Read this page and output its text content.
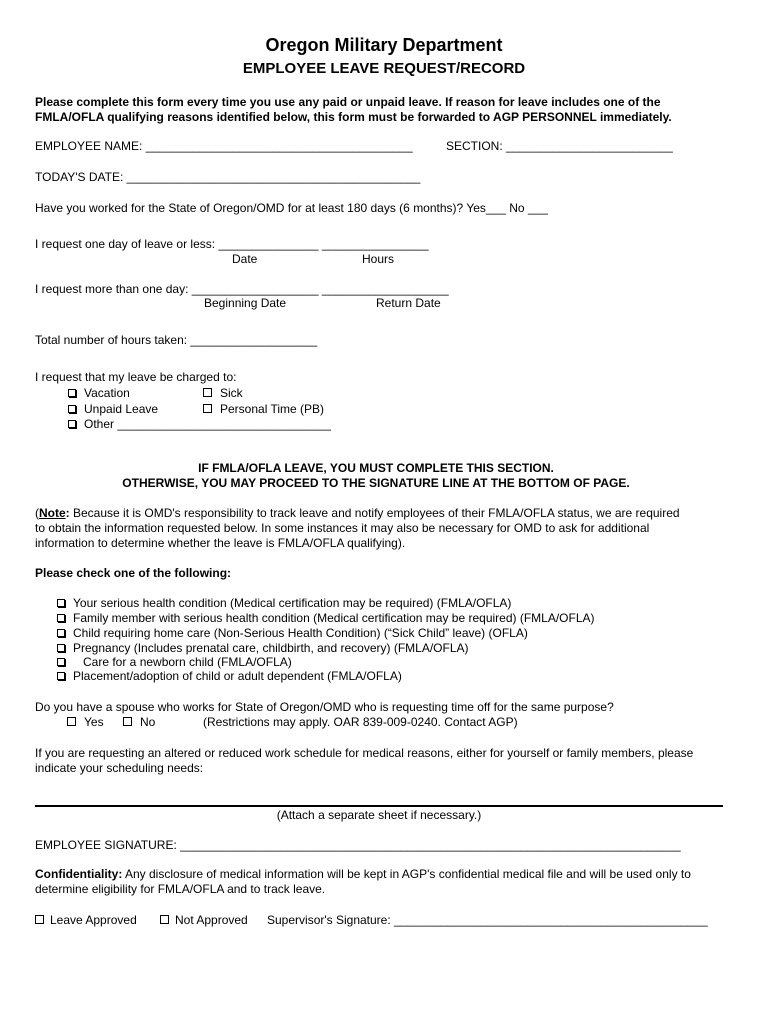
Oregon Military Department
EMPLOYEE LEAVE REQUEST/RECORD
Please complete this form every time you use any paid or unpaid leave. If reason for leave includes one of the
FMLA/OFLA qualifying reasons identified below, this form must be forwarded to AGP PERSONNEL immediately.
EMPLOYEE NAME: ________________________________________	SECTION: _________________________
TODAY'S DATE: ____________________________________________
Have you worked for the State of Oregon/OMD for at least 180 days (6 months)? Yes___ No ___
I request one day of leave or less: _______________ ________________
Date	Hours
I request more than one day: ___________________ ___________________
Beginning Date	Return Date
Total number of hours taken: ___________________
I request that my leave be charged to:
Vacation	Sick
Unpaid Leave	Personal Time (PB)
Other ________________________________
IF FMLA/OFLA LEAVE, YOU MUST COMPLETE THIS SECTION.
OTHERWISE, YOU MAY PROCEED TO THE SIGNATURE LINE AT THE BOTTOM OF PAGE.
(Note: Because it is OMD's responsibility to track leave and notify employees of their FMLA/OFLA status, we are required
to obtain the information requested below. In some instances it may also be necessary for OMD to ask for additional
information to determine whether the leave is FMLA/OFLA qualifying).
Please check one of the following:
Your serious health condition (Medical certification may be required) (FMLA/OFLA)
Family member with serious health condition (Medical certification may be required) (FMLA/OFLA)
Child requiring home care (Non-Serious Health Condition) (“Sick Child” leave) (OFLA)
Pregnancy (Includes prenatal care, childbirth, and recovery) (FMLA/OFLA)
Care for a newborn child (FMLA/OFLA)
Placement/adoption of child or adult dependent (FMLA/OFLA)
Do you have a spouse who works for State of Oregon/OMD who is requesting time off for the same purpose?
Yes	No	(Restrictions may apply. OAR 839-009-0240. Contact AGP)
If you are requesting an altered or reduced work schedule for medical reasons, either for yourself or family members, please
indicate your scheduling needs:
(Attach a separate sheet if necessary.)
EMPLOYEE SIGNATURE: ___________________________________________________________________________
Confidentiality: Any disclosure of medical information will be kept in AGP's confidential medical file and will be used only to
determine eligibility for FMLA/OFLA and to track leave.
Leave Approved	Not Approved Supervisor's Signature: _______________________________________________
